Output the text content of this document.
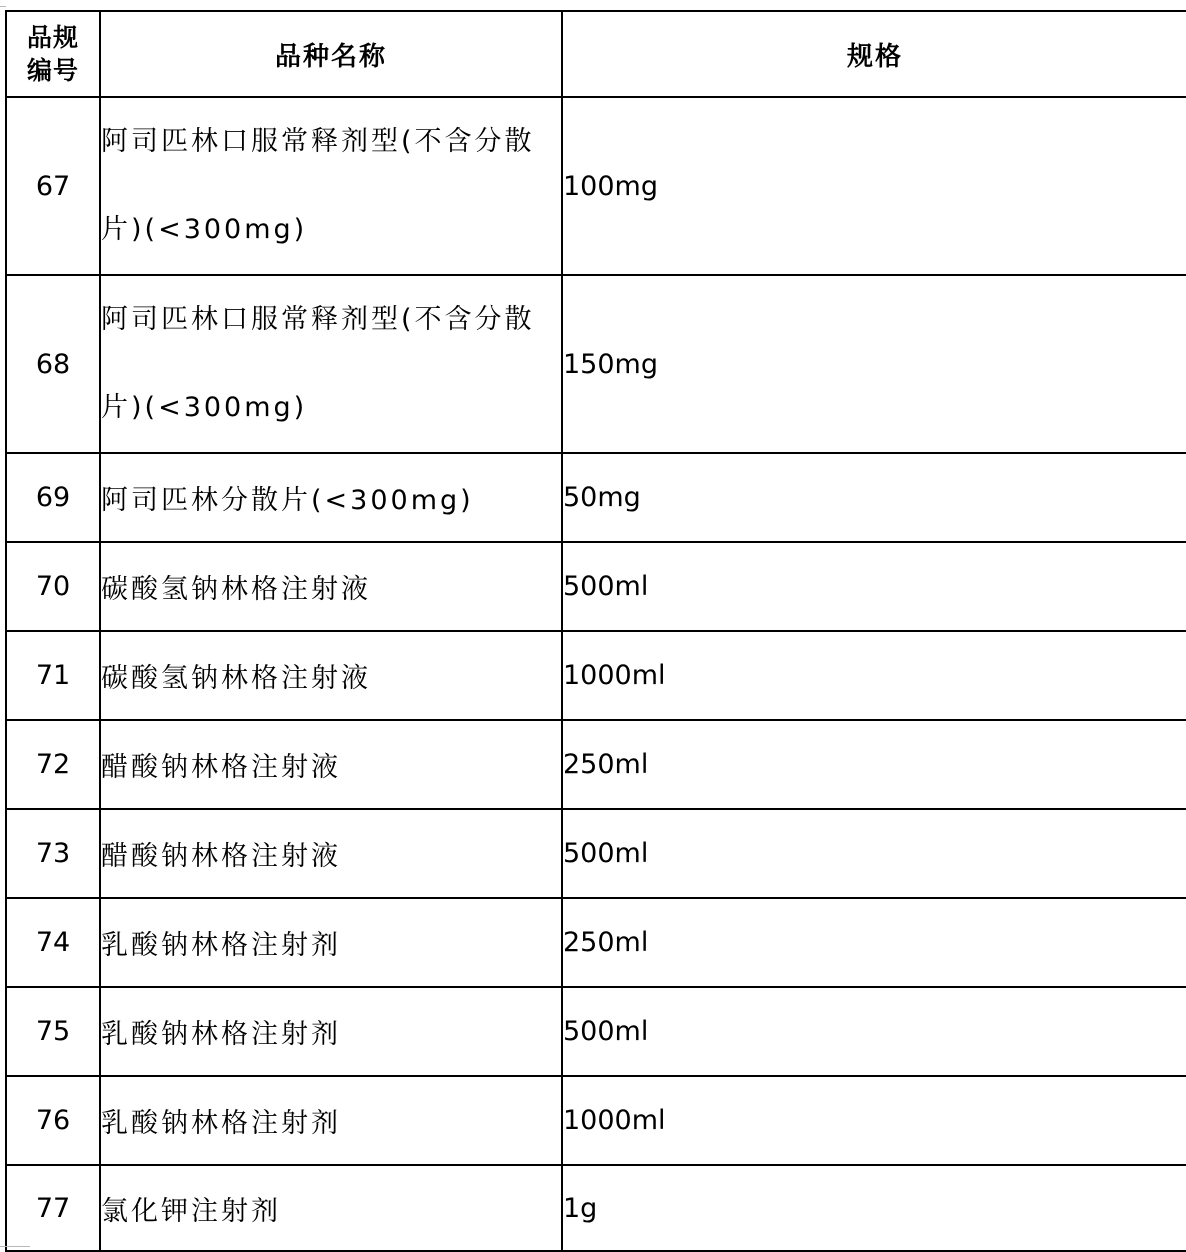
品规
编号	品种名称	规格
67	阿司匹林口服常释剂型(不含分散片)(<300mg)	100mg
68	阿司匹林口服常释剂型(不含分散片)(<300mg)	150mg
69	阿司匹林分散片(<300mg)	50mg
70	碳酸氢钠林格注射液	500ml
71	碳酸氢钠林格注射液	1000ml
72	醋酸钠林格注射液	250ml
73	醋酸钠林格注射液	500ml
74	乳酸钠林格注射剂	250ml
75	乳酸钠林格注射剂	500ml
76	乳酸钠林格注射剂	1000ml
77	氯化钾注射剂	1g
